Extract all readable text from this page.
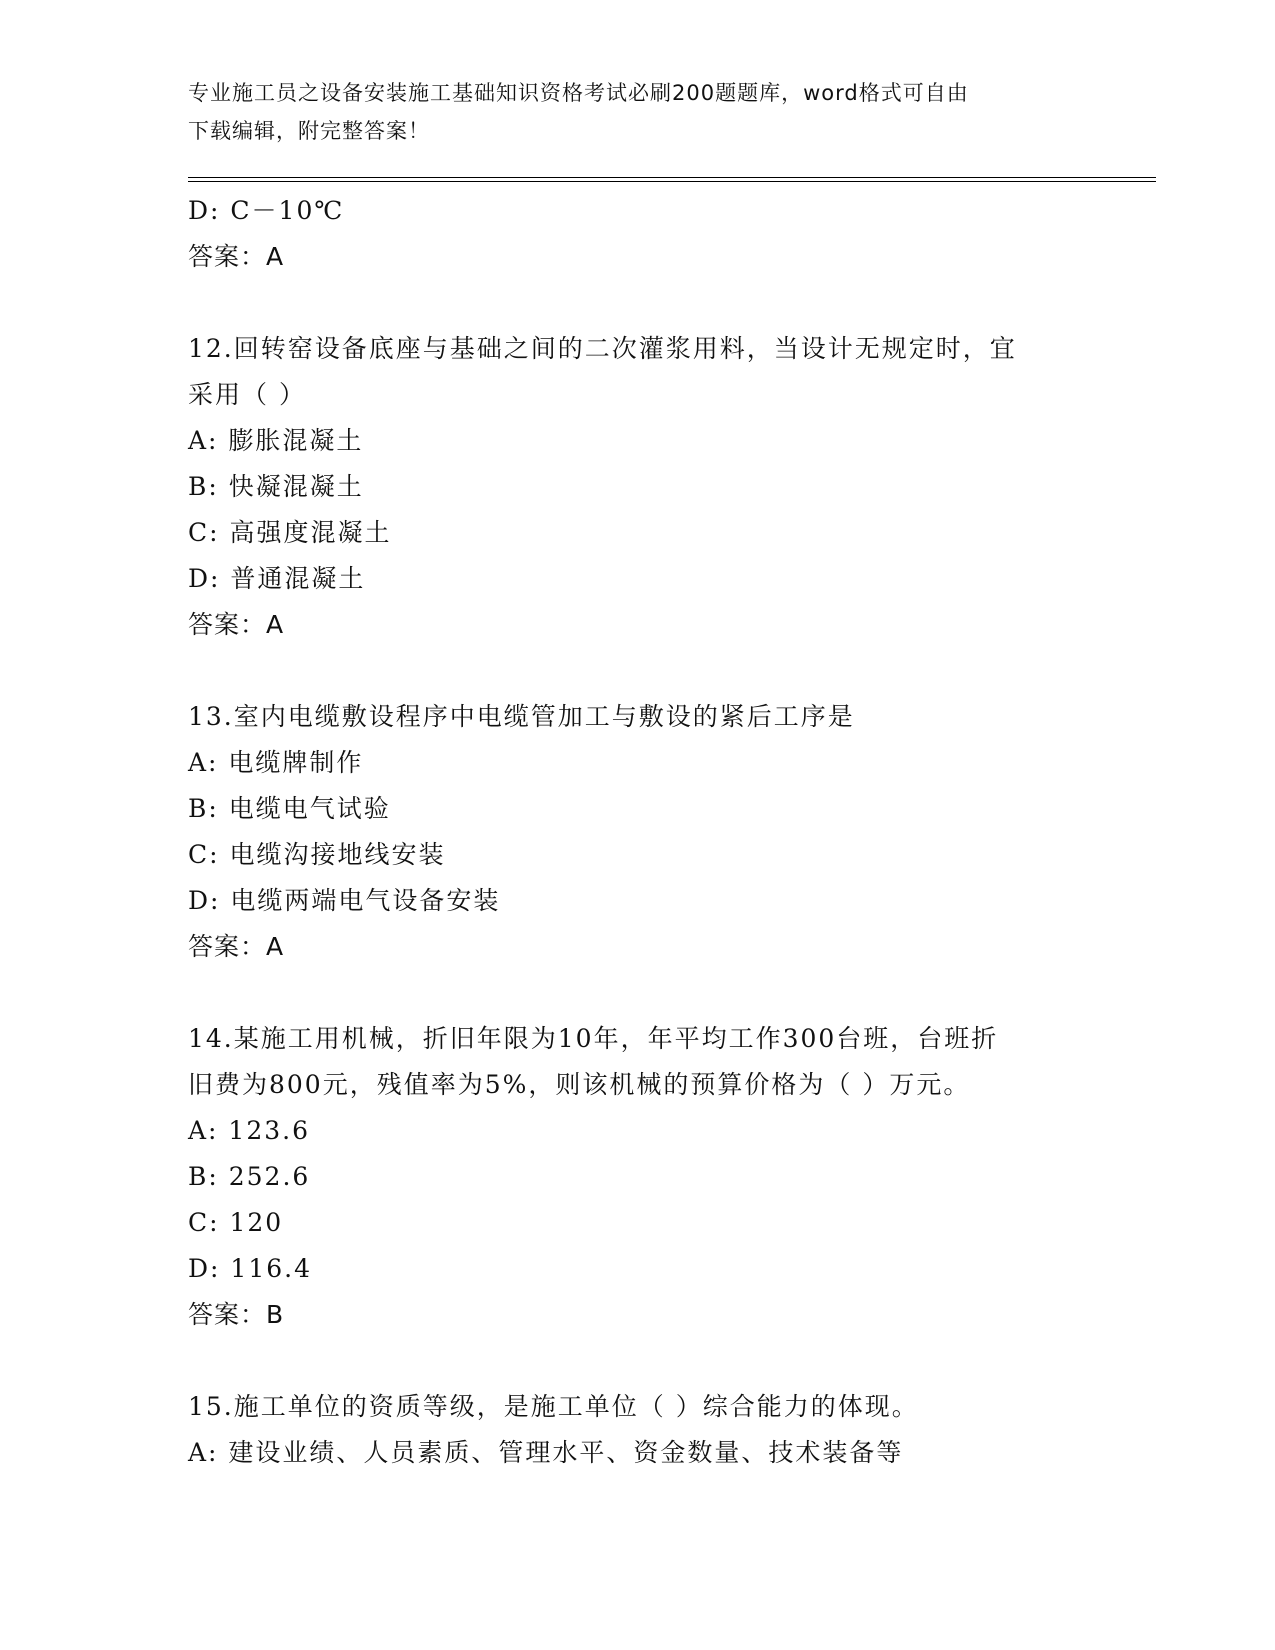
专业施工员之设备安装施工基础知识资格考试必刷200题题库，word格式可自由
下载编辑，附完整答案！
D: C－10℃
答案：A
12.回转窑设备底座与基础之间的二次灌浆用料，当设计无规定时，宜
采用（ ）
A: 膨胀混凝土
B: 快凝混凝土
C: 高强度混凝土
D: 普通混凝土
答案：A
13.室内电缆敷设程序中电缆管加工与敷设的紧后工序是
A: 电缆牌制作
B: 电缆电气试验
C: 电缆沟接地线安装
D: 电缆两端电气设备安装
答案：A
14.某施工用机械，折旧年限为10年，年平均工作300台班，台班折
旧费为800元，残值率为5%，则该机械的预算价格为（ ）万元。
A: 123.6
B: 252.6
C: 120
D: 116.4
答案：B
15.施工单位的资质等级，是施工单位（ ）综合能力的体现。
A: 建设业绩、人员素质、管理水平、资金数量、技术装备等
